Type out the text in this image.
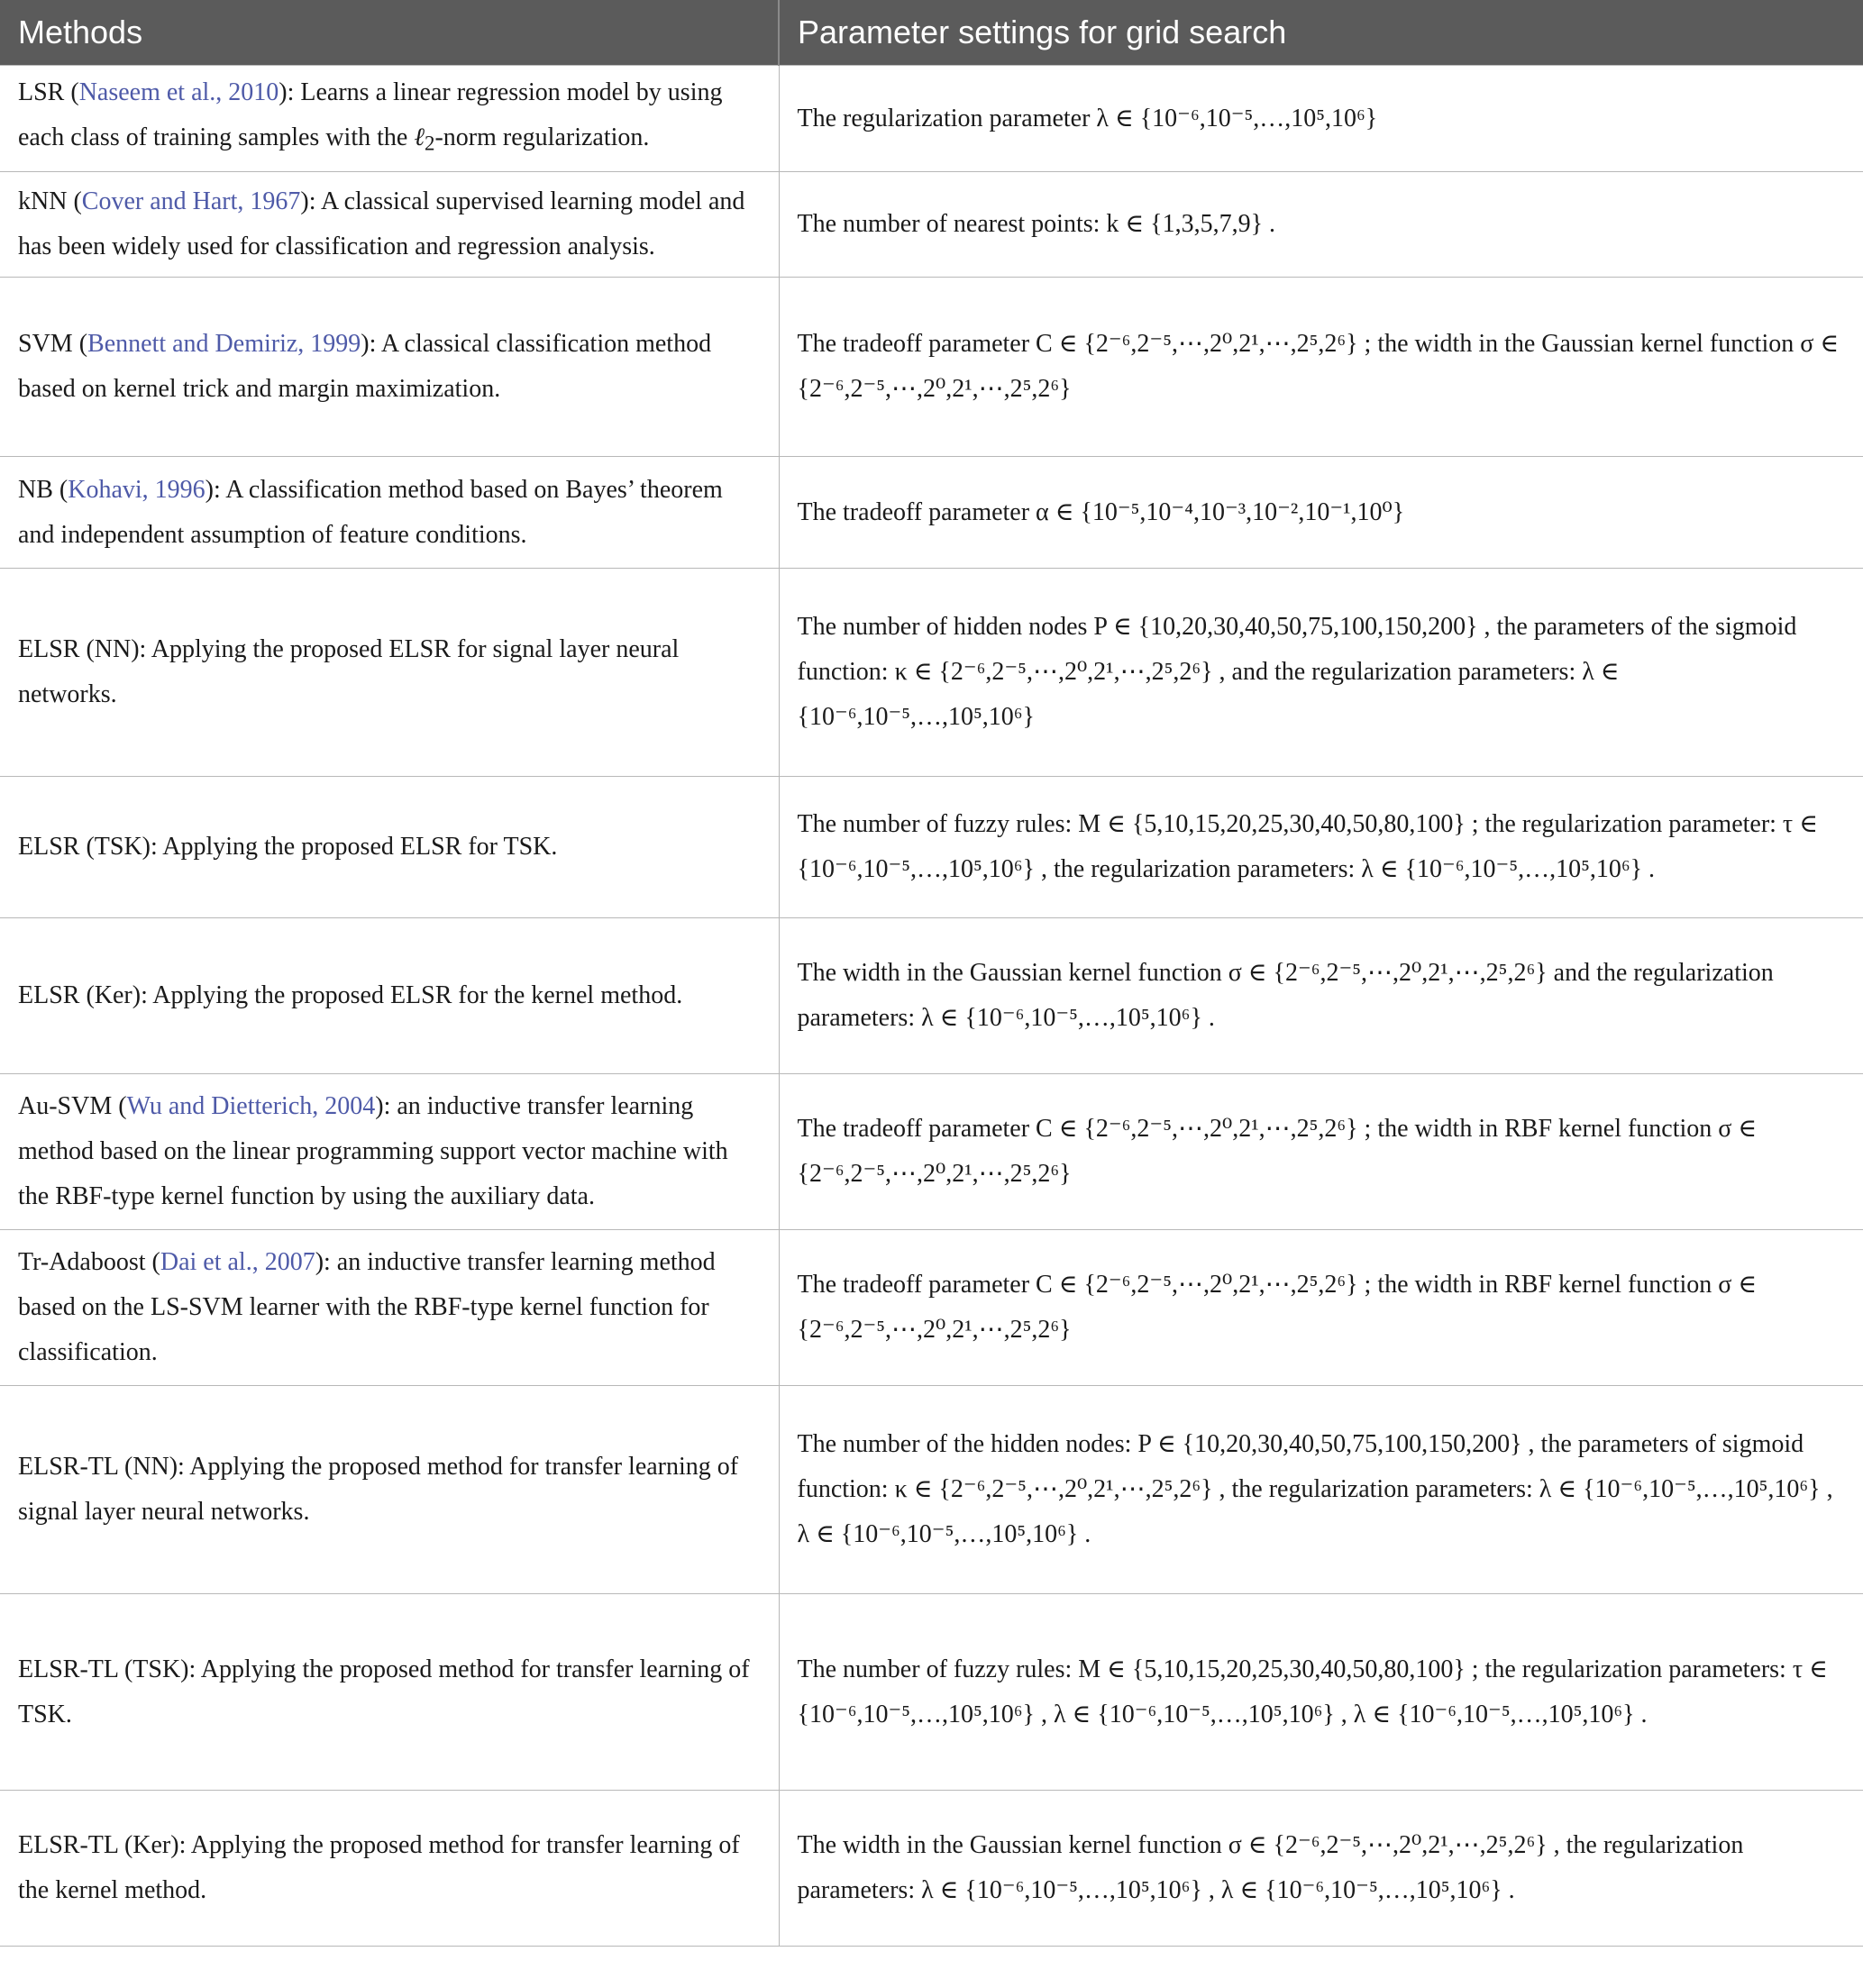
Methods	Parameter settings for grid search
LSR (Naseem et al., 2010): Learns a linear regression model by using each class of training samples with the ℓ$_2$-norm regularization.	The regularization parameter λ ∈ {10⁻⁶,10⁻⁵,…,10⁵,10⁶}
kNN (Cover and Hart, 1967): A classical supervised learning model and has been widely used for classification and regression analysis.	The number of nearest points: k ∈ {1,3,5,7,9} .
SVM (Bennett and Demiriz, 1999): A classical classification method based on kernel trick and margin maximization.	The tradeoff parameter C ∈ {2⁻⁶,2⁻⁵,⋯,2⁰,2¹,⋯,2⁵,2⁶} ; the width in the Gaussian kernel function σ ∈ {2⁻⁶,2⁻⁵,⋯,2⁰,2¹,⋯,2⁵,2⁶}
NB (Kohavi, 1996): A classification method based on Bayes’ theorem and independent assumption of feature conditions.	The tradeoff parameter α ∈ {10⁻⁵,10⁻⁴,10⁻³,10⁻²,10⁻¹,10⁰}
ELSR (NN): Applying the proposed ELSR for signal layer neural networks.	The number of hidden nodes P ∈ {10,20,30,40,50,75,100,150,200} , the parameters of the sigmoid function: κ ∈ {2⁻⁶,2⁻⁵,⋯,2⁰,2¹,⋯,2⁵,2⁶} , and the regularization parameters: λ ∈ {10⁻⁶,10⁻⁵,…,10⁵,10⁶}
ELSR (TSK): Applying the proposed ELSR for TSK.	The number of fuzzy rules: M ∈ {5,10,15,20,25,30,40,50,80,100} ; the regularization parameter: τ ∈ {10⁻⁶,10⁻⁵,…,10⁵,10⁶} , the regularization parameters: λ ∈ {10⁻⁶,10⁻⁵,…,10⁵,10⁶} .
ELSR (Ker): Applying the proposed ELSR for the kernel method.	The width in the Gaussian kernel function σ ∈ {2⁻⁶,2⁻⁵,⋯,2⁰,2¹,⋯,2⁵,2⁶} and the regularization parameters: λ ∈ {10⁻⁶,10⁻⁵,…,10⁵,10⁶} .
Au-SVM (Wu and Dietterich, 2004): an inductive transfer learning method based on the linear programming support vector machine with the RBF-type kernel function by using the auxiliary data.	The tradeoff parameter C ∈ {2⁻⁶,2⁻⁵,⋯,2⁰,2¹,⋯,2⁵,2⁶} ; the width in RBF kernel function σ ∈ {2⁻⁶,2⁻⁵,⋯,2⁰,2¹,⋯,2⁵,2⁶}
Tr-Adaboost (Dai et al., 2007): an inductive transfer learning method based on the LS-SVM learner with the RBF-type kernel function for classification.	The tradeoff parameter C ∈ {2⁻⁶,2⁻⁵,⋯,2⁰,2¹,⋯,2⁵,2⁶} ; the width in RBF kernel function σ ∈ {2⁻⁶,2⁻⁵,⋯,2⁰,2¹,⋯,2⁵,2⁶}
ELSR-TL (NN): Applying the proposed method for transfer learning of signal layer neural networks.	The number of the hidden nodes: P ∈ {10,20,30,40,50,75,100,150,200} , the parameters of sigmoid function: κ ∈ {2⁻⁶,2⁻⁵,⋯,2⁰,2¹,⋯,2⁵,2⁶} , the regularization parameters: λ ∈ {10⁻⁶,10⁻⁵,…,10⁵,10⁶} , λ ∈ {10⁻⁶,10⁻⁵,…,10⁵,10⁶} .
ELSR-TL (TSK): Applying the proposed method for transfer learning of TSK.	The number of fuzzy rules: M ∈ {5,10,15,20,25,30,40,50,80,100} ; the regularization parameters: τ ∈ {10⁻⁶,10⁻⁵,…,10⁵,10⁶} , λ ∈ {10⁻⁶,10⁻⁵,…,10⁵,10⁶} , λ ∈ {10⁻⁶,10⁻⁵,…,10⁵,10⁶} .
ELSR-TL (Ker): Applying the proposed method for transfer learning of the kernel method.	The width in the Gaussian kernel function σ ∈ {2⁻⁶,2⁻⁵,⋯,2⁰,2¹,⋯,2⁵,2⁶} , the regularization parameters: λ ∈ {10⁻⁶,10⁻⁵,…,10⁵,10⁶} , λ ∈ {10⁻⁶,10⁻⁵,…,10⁵,10⁶} .
